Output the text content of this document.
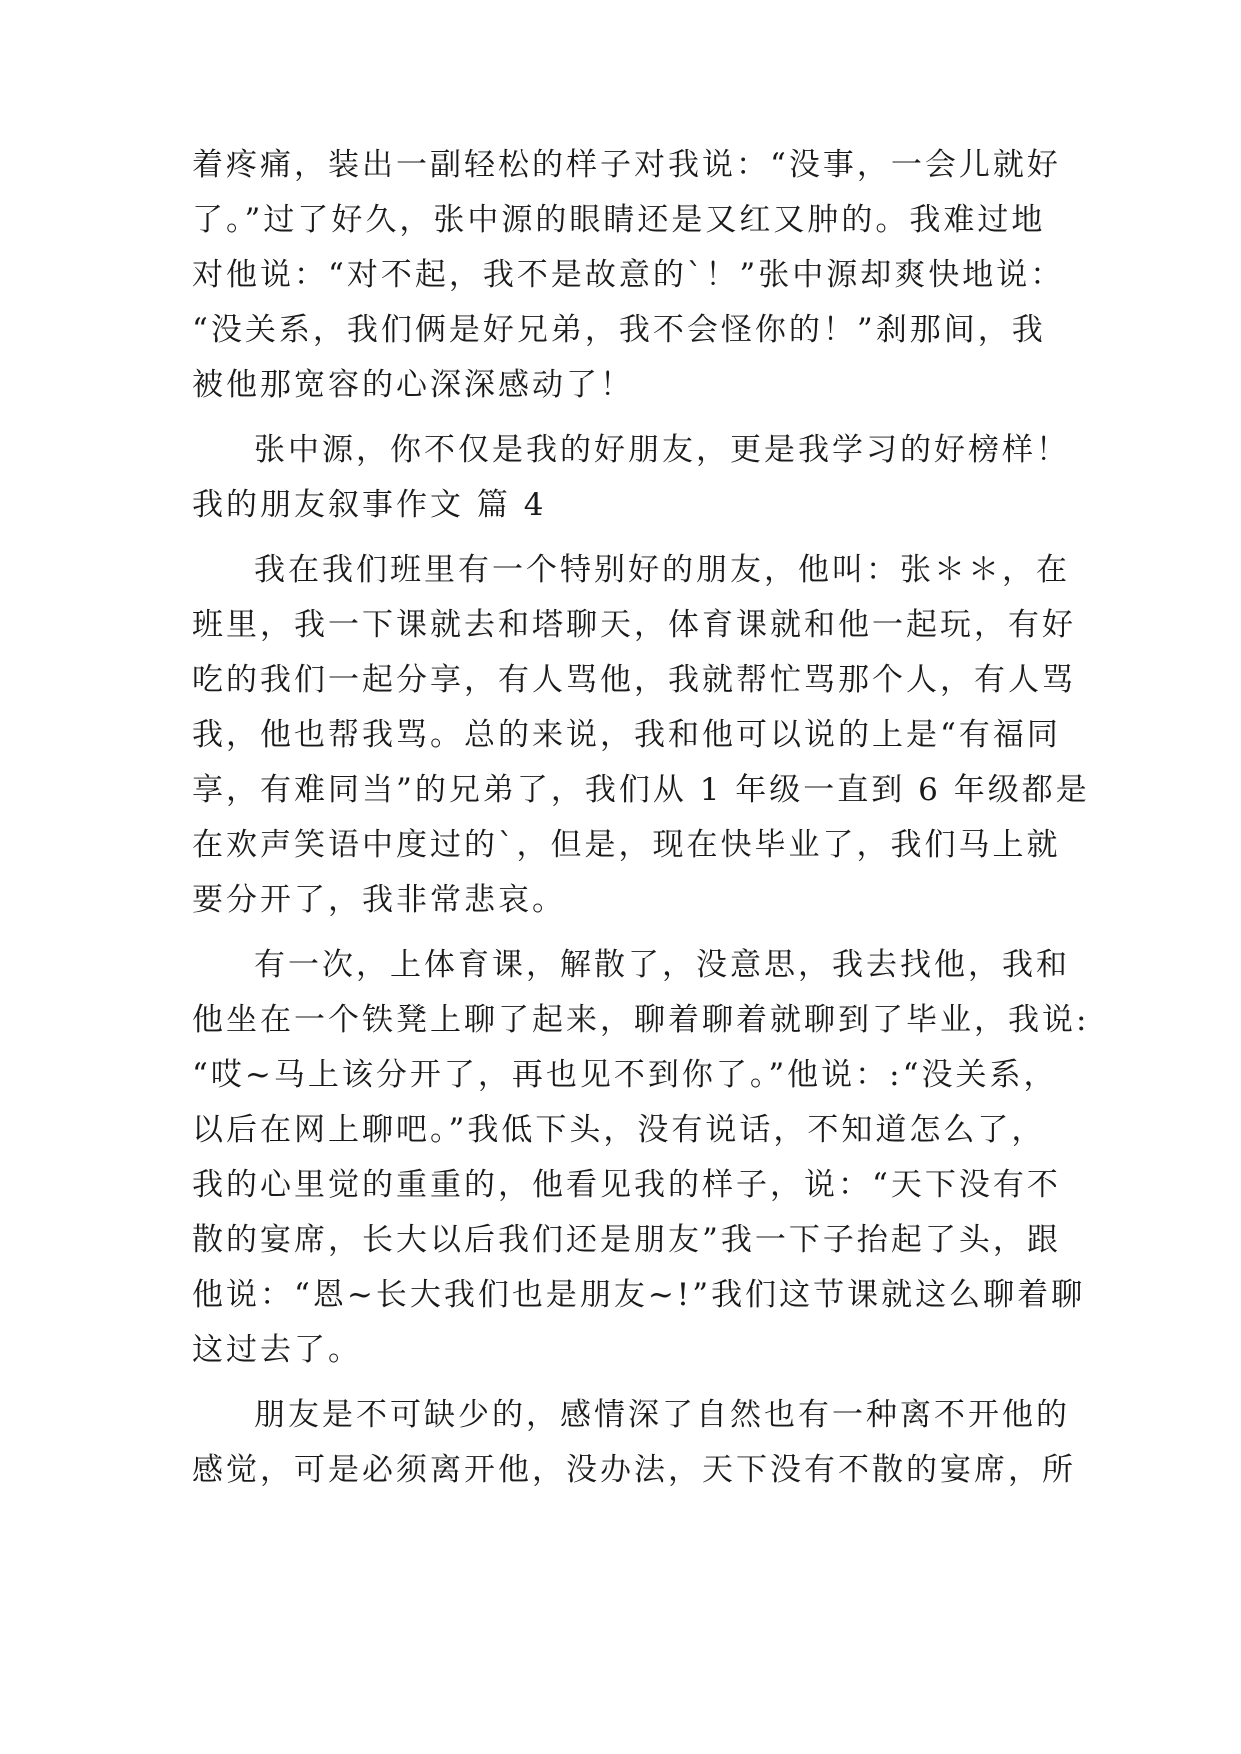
着疼痛，装出一副轻松的样子对我说：“没事，一会儿就好
了。”过了好久，张中源的眼睛还是又红又肿的。我难过地
对他说：“对不起，我不是故意的`！”张中源却爽快地说：
“没关系，我们俩是好兄弟，我不会怪你的！”刹那间，我
被他那宽容的心深深感动了！
张中源，你不仅是我的好朋友，更是我学习的好榜样！
我的朋友叙事作文 篇 4
我在我们班里有一个特别好的朋友，他叫：张＊＊，在
班里，我一下课就去和塔聊天，体育课就和他一起玩，有好
吃的我们一起分享，有人骂他，我就帮忙骂那个人，有人骂
我，他也帮我骂。总的来说，我和他可以说的上是“有福同
享，有难同当”的兄弟了，我们从 1 年级一直到 6 年级都是
在欢声笑语中度过的`，但是，现在快毕业了，我们马上就
要分开了，我非常悲哀。
有一次，上体育课，解散了，没意思，我去找他，我和
他坐在一个铁凳上聊了起来，聊着聊着就聊到了毕业，我说:
“哎~马上该分开了，再也见不到你了。”他说：:“没关系，
以后在网上聊吧。”我低下头，没有说话，不知道怎么了，
我的心里觉的重重的，他看见我的样子，说：“天下没有不
散的宴席，长大以后我们还是朋友”我一下子抬起了头，跟
他说：“恩~长大我们也是朋友~!”我们这节课就这么聊着聊
这过去了。
朋友是不可缺少的，感情深了自然也有一种离不开他的
感觉，可是必须离开他，没办法，天下没有不散的宴席，所
